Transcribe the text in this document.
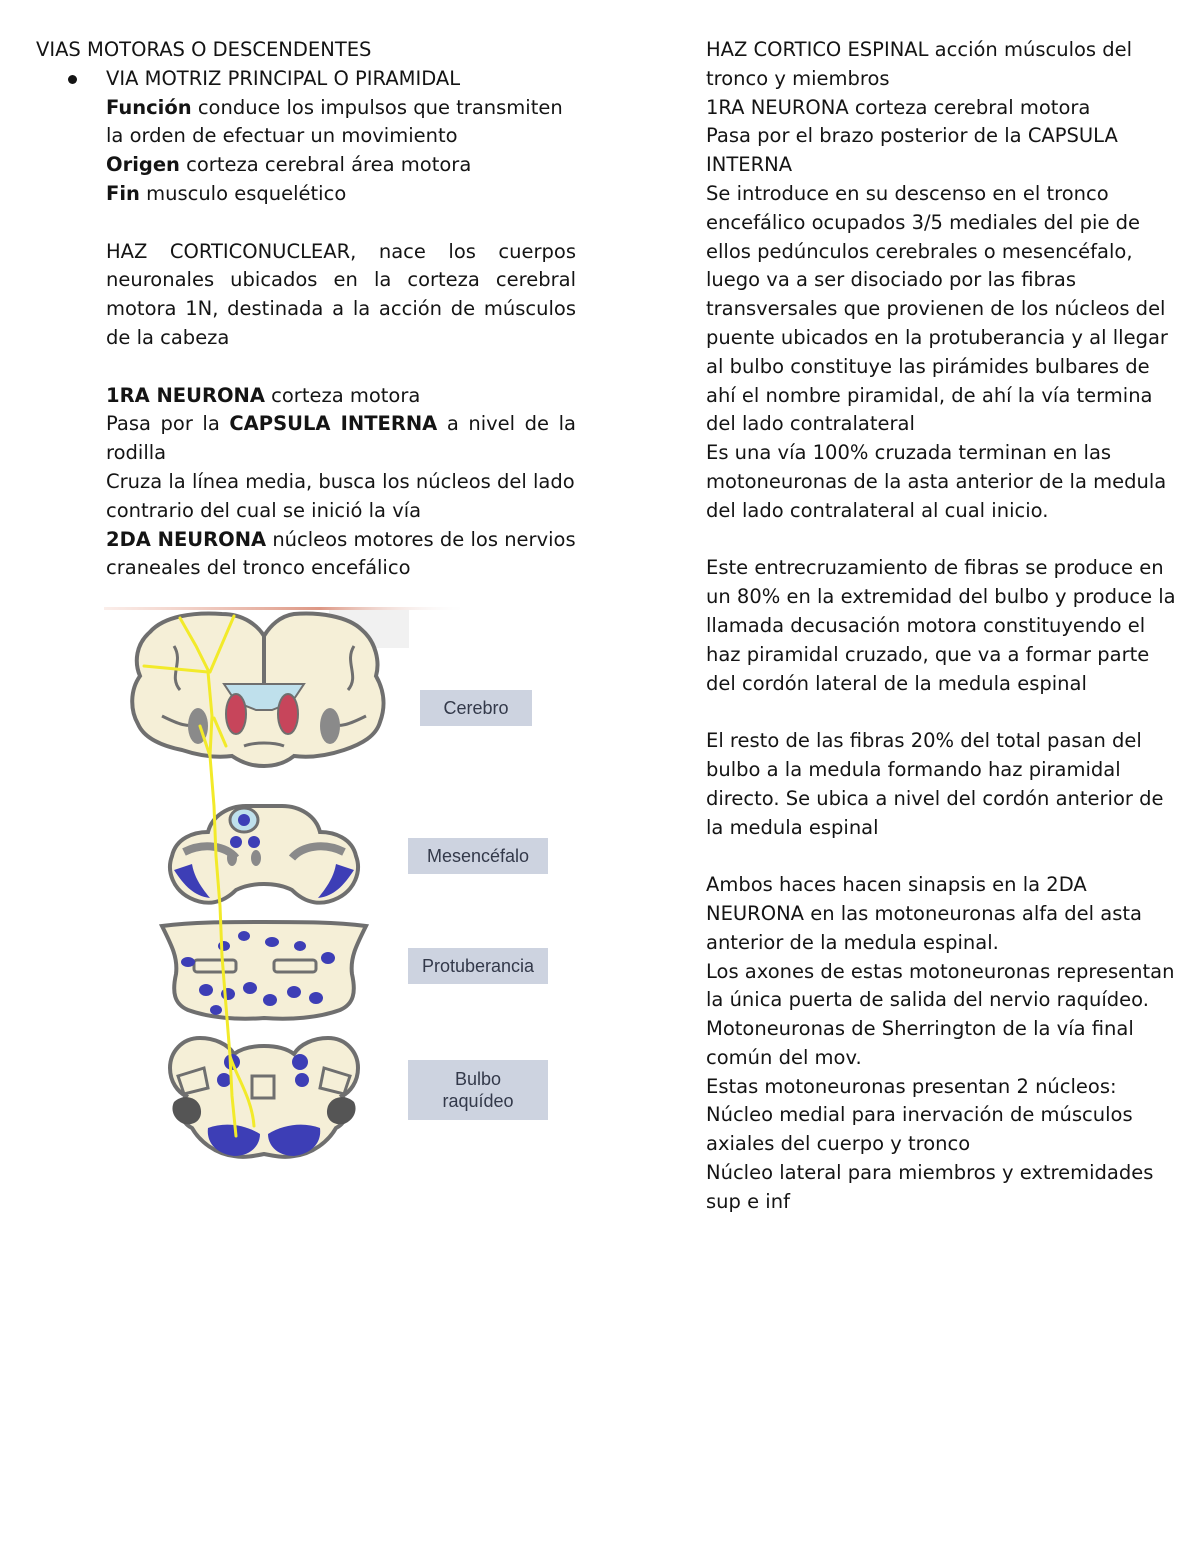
VIAS MOTORAS O DESCENDENTES

VIA MOTRIZ PRINCIPAL O PIRAMIDAL

Función conduce los impulsos que transmiten la orden de efectuar un movimiento

Origen corteza cerebral área motora

Fin musculo esquelético

HAZ CORTICONUCLEAR, nace los cuerpos neuronales ubicados en la corteza cerebral motora 1N, destinada a la acción de músculos de la cabeza

1RA NEURONA corteza motora

Pasa por la CAPSULA INTERNA a nivel de la rodilla

Cruza la línea media, busca los núcleos del lado contrario del cual se inició la vía

2DA NEURONA núcleos motores de los nervios craneales del tronco encefálico

Cerebro
Mesencéfalo
Protuberancia
Bulbo
raquídeo

HAZ CORTICO ESPINAL acción músculos del tronco y miembros

1RA NEURONA corteza cerebral motora

Pasa por el brazo posterior de la CAPSULA INTERNA

Se introduce en su descenso en el tronco encefálico ocupados 3/5 mediales del pie de ellos pedúnculos cerebrales o mesencéfalo, luego va a ser disociado por las fibras transversales que provienen de los núcleos del puente ubicados en la protuberancia y al llegar al bulbo constituye las pirámides bulbares de ahí el nombre piramidal, de ahí la vía termina del lado contralateral

Es una vía 100% cruzada terminan en las motoneuronas de la asta anterior de la medula del lado contralateral al cual inicio.

Este entrecruzamiento de fibras se produce en un 80% en la extremidad del bulbo y produce la llamada decusación motora constituyendo el haz piramidal cruzado, que va a formar parte del cordón lateral de la medula espinal

El resto de las fibras 20% del total pasan del bulbo a la medula formando haz piramidal directo. Se ubica a nivel del cordón anterior de la medula espinal

Ambos haces hacen sinapsis en la 2DA NEURONA en las motoneuronas alfa del asta anterior de la medula espinal.

Los axones de estas motoneuronas representan la única puerta de salida del nervio raquídeo.

Motoneuronas de Sherrington de la vía final común del mov.

Estas motoneuronas presentan 2 núcleos:

Núcleo medial para inervación de músculos axiales del cuerpo y tronco

Núcleo lateral para miembros y extremidades sup e inf
